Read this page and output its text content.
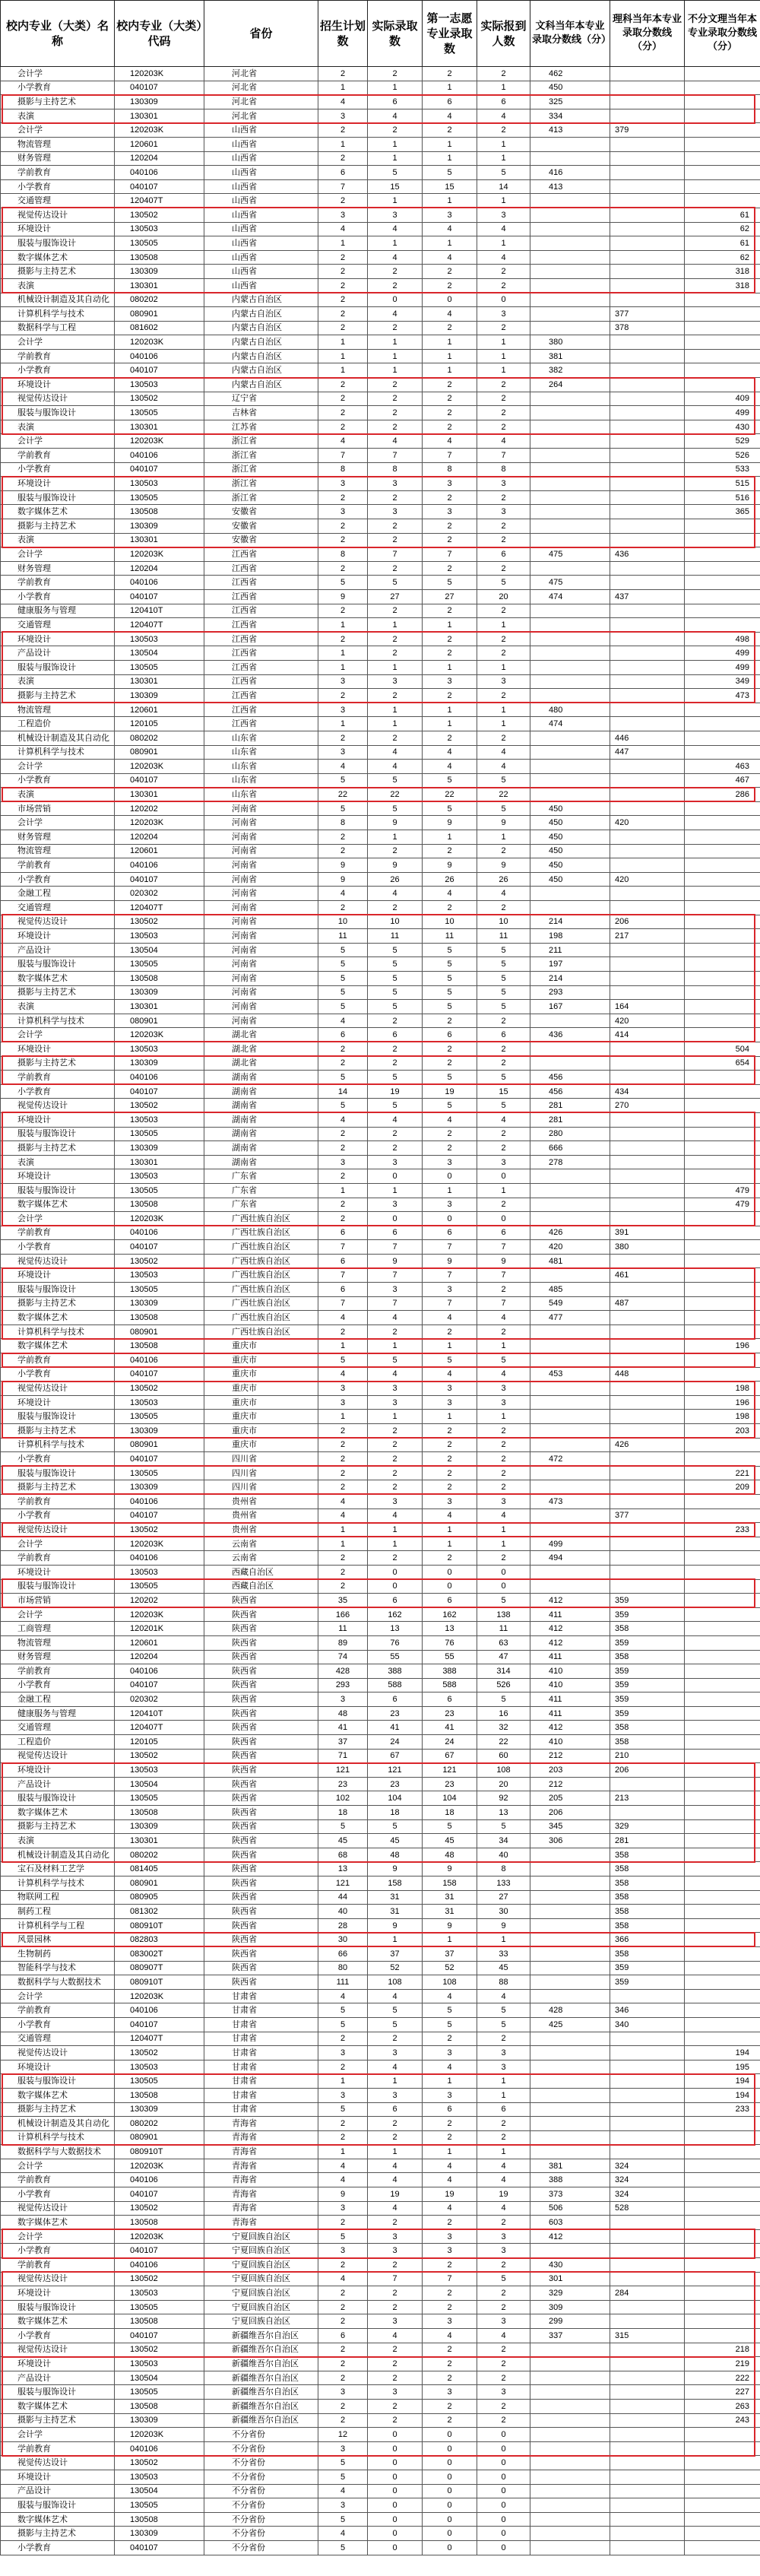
校内专业（大类）名称	校内专业（大类）代码	省份	招生计划数	实际录取数	第一志愿专业录取数	实际报到人数	文科当年本专业录取分数线（分）	理科当年本专业录取分数线（分）	不分文理当年本专业录取分数线（分）
会计学	120203K	河北省	2	2	2	2	462		
小学教育	040107	河北省	1	1	1	1	450		
摄影与主持艺术	130309	河北省	4	6	6	6	325		
表演	130301	河北省	3	4	4	4	334		
会计学	120203K	山西省	2	2	2	2	413	379	
物流管理	120601	山西省	1	1	1	1			
财务管理	120204	山西省	2	1	1	1			
学前教育	040106	山西省	6	5	5	5	416		
小学教育	040107	山西省	7	15	15	14	413		
交通管理	120407T	山西省	2	1	1	1			
视觉传达设计	130502	山西省	3	3	3	3			61
环境设计	130503	山西省	4	4	4	4			62
服装与服饰设计	130505	山西省	1	1	1	1			61
数字媒体艺术	130508	山西省	2	4	4	4			62
摄影与主持艺术	130309	山西省	2	2	2	2			318
表演	130301	山西省	2	2	2	2			318
机械设计制造及其自动化	080202	内蒙古自治区	2	0	0	0			
计算机科学与技术	080901	内蒙古自治区	2	4	4	3		377	
数据科学与工程	081602	内蒙古自治区	2	2	2	2		378	
会计学	120203K	内蒙古自治区	1	1	1	1	380		
学前教育	040106	内蒙古自治区	1	1	1	1	381		
小学教育	040107	内蒙古自治区	1	1	1	1	382		
环境设计	130503	内蒙古自治区	2	2	2	2	264		
视觉传达设计	130502	辽宁省	2	2	2	2			409
服装与服饰设计	130505	吉林省	2	2	2	2			499
表演	130301	江苏省	2	2	2	2			430
会计学	120203K	浙江省	4	4	4	4			529
学前教育	040106	浙江省	7	7	7	7			526
小学教育	040107	浙江省	8	8	8	8			533
环境设计	130503	浙江省	3	3	3	3			515
服装与服饰设计	130505	浙江省	2	2	2	2			516
数字媒体艺术	130508	安徽省	3	3	3	3			365
摄影与主持艺术	130309	安徽省	2	2	2	2			
表演	130301	安徽省	2	2	2	2			
会计学	120203K	江西省	8	7	7	6	475	436	
财务管理	120204	江西省	2	2	2	2			
学前教育	040106	江西省	5	5	5	5	475		
小学教育	040107	江西省	9	27	27	20	474	437	
健康服务与管理	120410T	江西省	2	2	2	2			
交通管理	120407T	江西省	1	1	1	1			
环境设计	130503	江西省	2	2	2	2			498
产品设计	130504	江西省	1	2	2	2			499
服装与服饰设计	130505	江西省	1	1	1	1			499
表演	130301	江西省	3	3	3	3			349
摄影与主持艺术	130309	江西省	2	2	2	2			473
物流管理	120601	江西省	3	1	1	1	480		
工程造价	120105	江西省	1	1	1	1	474		
机械设计制造及其自动化	080202	山东省	2	2	2	2		446	
计算机科学与技术	080901	山东省	3	4	4	4		447	
会计学	120203K	山东省	4	4	4	4			463
小学教育	040107	山东省	5	5	5	5			467
表演	130301	山东省	22	22	22	22			286
市场营销	120202	河南省	5	5	5	5	450		
会计学	120203K	河南省	8	9	9	9	450	420	
财务管理	120204	河南省	2	1	1	1	450		
物流管理	120601	河南省	2	2	2	2	450		
学前教育	040106	河南省	9	9	9	9	450		
小学教育	040107	河南省	9	26	26	26	450	420	
金融工程	020302	河南省	4	4	4	4			
交通管理	120407T	河南省	2	2	2	2			
视觉传达设计	130502	河南省	10	10	10	10	214	206	
环境设计	130503	河南省	11	11	11	11	198	217	
产品设计	130504	河南省	5	5	5	5	211		
服装与服饰设计	130505	河南省	5	5	5	5	197		
数字媒体艺术	130508	河南省	5	5	5	5	214		
摄影与主持艺术	130309	河南省	5	5	5	5	293		
表演	130301	河南省	5	5	5	5	167	164	
计算机科学与技术	080901	河南省	4	2	2	2		420	
会计学	120203K	湖北省	6	6	6	6	436	414	
环境设计	130503	湖北省	2	2	2	2			504
摄影与主持艺术	130309	湖北省	2	2	2	2			654
学前教育	040106	湖南省	5	5	5	5	456		
小学教育	040107	湖南省	14	19	19	15	456	434	
视觉传达设计	130502	湖南省	5	5	5	5	281	270	
环境设计	130503	湖南省	4	4	4	4	281		
服装与服饰设计	130505	湖南省	2	2	2	2	280		
摄影与主持艺术	130309	湖南省	2	2	2	2	666		
表演	130301	湖南省	3	3	3	3	278		
环境设计	130503	广东省	2	0	0	0			
服装与服饰设计	130505	广东省	1	1	1	1			479
数字媒体艺术	130508	广东省	2	3	3	2			479
会计学	120203K	广西壮族自治区	2	0	0	0			
学前教育	040106	广西壮族自治区	6	6	6	6	426	391	
小学教育	040107	广西壮族自治区	7	7	7	7	420	380	
视觉传达设计	130502	广西壮族自治区	6	9	9	9	481		
环境设计	130503	广西壮族自治区	7	7	7	7		461	
服装与服饰设计	130505	广西壮族自治区	6	3	3	2	485		
摄影与主持艺术	130309	广西壮族自治区	7	7	7	7	549	487	
数字媒体艺术	130508	广西壮族自治区	4	4	4	4	477		
计算机科学与技术	080901	广西壮族自治区	2	2	2	2			
数字媒体艺术	130508	重庆市	1	1	1	1			196
学前教育	040106	重庆市	5	5	5	5			
小学教育	040107	重庆市	4	4	4	4	453	448	
视觉传达设计	130502	重庆市	3	3	3	3			198
环境设计	130503	重庆市	3	3	3	3			196
服装与服饰设计	130505	重庆市	1	1	1	1			198
摄影与主持艺术	130309	重庆市	2	2	2	2			203
计算机科学与技术	080901	重庆市	2	2	2	2		426	
小学教育	040107	四川省	2	2	2	2	472		
服装与服饰设计	130505	四川省	2	2	2	2			221
摄影与主持艺术	130309	四川省	2	2	2	2			209
学前教育	040106	贵州省	4	3	3	3	473		
小学教育	040107	贵州省	4	4	4	4		377	
视觉传达设计	130502	贵州省	1	1	1	1			233
会计学	120203K	云南省	1	1	1	1	499		
学前教育	040106	云南省	2	2	2	2	494		
环境设计	130503	西藏自治区	2	0	0	0			
服装与服饰设计	130505	西藏自治区	2	0	0	0			
市场营销	120202	陕西省	35	6	6	5	412	359	
会计学	120203K	陕西省	166	162	162	138	411	359	
工商管理	120201K	陕西省	11	13	13	11	412	358	
物流管理	120601	陕西省	89	76	76	63	412	359	
财务管理	120204	陕西省	74	55	55	47	411	358	
学前教育	040106	陕西省	428	388	388	314	410	359	
小学教育	040107	陕西省	293	588	588	526	410	359	
金融工程	020302	陕西省	3	6	6	5	411	359	
健康服务与管理	120410T	陕西省	48	23	23	16	411	359	
交通管理	120407T	陕西省	41	41	41	32	412	358	
工程造价	120105	陕西省	37	24	24	22	410	358	
视觉传达设计	130502	陕西省	71	67	67	60	212	210	
环境设计	130503	陕西省	121	121	121	108	203	206	
产品设计	130504	陕西省	23	23	23	20	212		
服装与服饰设计	130505	陕西省	102	104	104	92	205	213	
数字媒体艺术	130508	陕西省	18	18	18	13	206		
摄影与主持艺术	130309	陕西省	5	5	5	5	345	329	
表演	130301	陕西省	45	45	45	34	306	281	
机械设计制造及其自动化	080202	陕西省	68	48	48	40		358	
宝石及材料工艺学	081405	陕西省	13	9	9	8		358	
计算机科学与技术	080901	陕西省	121	158	158	133		358	
物联网工程	080905	陕西省	44	31	31	27		358	
制药工程	081302	陕西省	40	31	31	30		358	
计算机科学与工程	080910T	陕西省	28	9	9	9		358	
风景园林	082803	陕西省	30	1	1	1		366	
生物制药	083002T	陕西省	66	37	37	33		358	
智能科学与技术	080907T	陕西省	80	52	52	45		359	
数据科学与大数据技术	080910T	陕西省	111	108	108	88		359	
会计学	120203K	甘肃省	4	4	4	4			
学前教育	040106	甘肃省	5	5	5	5	428	346	
小学教育	040107	甘肃省	5	5	5	5	425	340	
交通管理	120407T	甘肃省	2	2	2	2			
视觉传达设计	130502	甘肃省	3	3	3	3			194
环境设计	130503	甘肃省	2	4	4	3			195
服装与服饰设计	130505	甘肃省	1	1	1	1			194
数字媒体艺术	130508	甘肃省	3	3	3	1			194
摄影与主持艺术	130309	甘肃省	5	6	6	6			233
机械设计制造及其自动化	080202	青海省	2	2	2	2			
计算机科学与技术	080901	青海省	2	2	2	2			
数据科学与大数据技术	080910T	青海省	1	1	1	1			
会计学	120203K	青海省	4	4	4	4	381	324	
学前教育	040106	青海省	4	4	4	4	388	324	
小学教育	040107	青海省	9	19	19	19	373	324	
视觉传达设计	130502	青海省	3	4	4	4	506	528	
数字媒体艺术	130508	青海省	2	2	2	2	603		
会计学	120203K	宁夏回族自治区	5	3	3	3	412		
小学教育	040107	宁夏回族自治区	3	3	3	3			
学前教育	040106	宁夏回族自治区	2	2	2	2	430		
视觉传达设计	130502	宁夏回族自治区	4	7	7	5	301		
环境设计	130503	宁夏回族自治区	2	2	2	2	329	284	
服装与服饰设计	130505	宁夏回族自治区	2	2	2	2	309		
数字媒体艺术	130508	宁夏回族自治区	2	3	3	3	299		
小学教育	040107	新疆维吾尔自治区	6	4	4	4	337	315	
视觉传达设计	130502	新疆维吾尔自治区	2	2	2	2			218
环境设计	130503	新疆维吾尔自治区	2	2	2	2			219
产品设计	130504	新疆维吾尔自治区	2	2	2	2			222
服装与服饰设计	130505	新疆维吾尔自治区	3	3	3	3			227
数字媒体艺术	130508	新疆维吾尔自治区	2	2	2	2			263
摄影与主持艺术	130309	新疆维吾尔自治区	2	2	2	2			243
会计学	120203K	不分省份	12	0	0	0			
学前教育	040106	不分省份	3	0	0	0			
视觉传达设计	130502	不分省份	5	0	0	0			
环境设计	130503	不分省份	5	0	0	0			
产品设计	130504	不分省份	4	0	0	0			
服装与服饰设计	130505	不分省份	3	0	0	0			
数字媒体艺术	130508	不分省份	5	0	0	0			
摄影与主持艺术	130309	不分省份	4	0	0	0			
小学教育	040107	不分省份	5	0	0	0			
